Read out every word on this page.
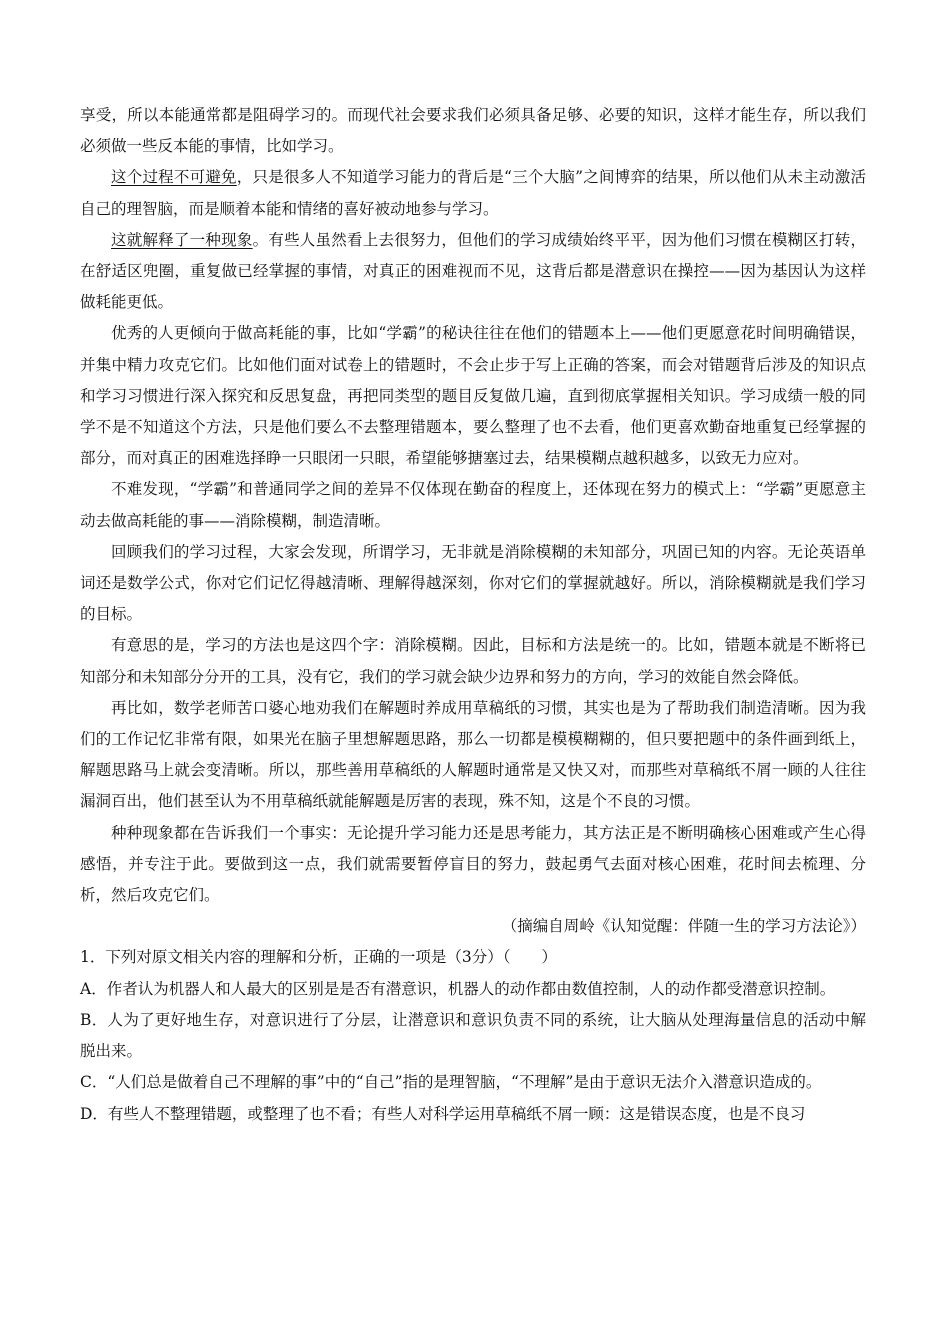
享受，所以本能通常都是阻碍学习的。而现代社会要求我们必须具备足够、必要的知识，这样才能生存，所以我们必须做一些反本能的事情，比如学习。

这个过程不可避免，只是很多人不知道学习能力的背后是“三个大脑”之间博弈的结果，所以他们从未主动激活自己的理智脑，而是顺着本能和情绪的喜好被动地参与学习。

这就解释了一种现象。有些人虽然看上去很努力，但他们的学习成绩始终平平，因为他们习惯在模糊区打转，在舒适区兜圈，重复做已经掌握的事情，对真正的困难视而不见，这背后都是潜意识在操控——因为基因认为这样做耗能更低。

优秀的人更倾向于做高耗能的事，比如“学霸”的秘诀往往在他们的错题本上——他们更愿意花时间明确错误，并集中精力攻克它们。比如他们面对试卷上的错题时，不会止步于写上正确的答案，而会对错题背后涉及的知识点和学习习惯进行深入探究和反思复盘，再把同类型的题目反复做几遍，直到彻底掌握相关知识。学习成绩一般的同学不是不知道这个方法，只是他们要么不去整理错题本，要么整理了也不去看，他们更喜欢勤奋地重复已经掌握的部分，而对真正的困难选择睁一只眼闭一只眼，希望能够搪塞过去，结果模糊点越积越多，以致无力应对。

不难发现，“学霸”和普通同学之间的差异不仅体现在勤奋的程度上，还体现在努力的模式上：“学霸”更愿意主动去做高耗能的事——消除模糊，制造清晰。

回顾我们的学习过程，大家会发现，所谓学习，无非就是消除模糊的未知部分，巩固已知的内容。无论英语单词还是数学公式，你对它们记忆得越清晰、理解得越深刻，你对它们的掌握就越好。所以，消除模糊就是我们学习的目标。

有意思的是，学习的方法也是这四个字：消除模糊。因此，目标和方法是统一的。比如，错题本就是不断将已知部分和未知部分分开的工具，没有它，我们的学习就会缺少边界和努力的方向，学习的效能自然会降低。

再比如，数学老师苦口婆心地劝我们在解题时养成用草稿纸的习惯，其实也是为了帮助我们制造清晰。因为我们的工作记忆非常有限，如果光在脑子里想解题思路，那么一切都是模模糊糊的，但只要把题中的条件画到纸上，解题思路马上就会变清晰。所以，那些善用草稿纸的人解题时通常是又快又对，而那些对草稿纸不屑一顾的人往往漏洞百出，他们甚至认为不用草稿纸就能解题是厉害的表现，殊不知，这是个不良的习惯。

种种现象都在告诉我们一个事实：无论提升学习能力还是思考能力，其方法正是不断明确核心困难或产生心得感悟，并专注于此。要做到这一点，我们就需要暂停盲目的努力，鼓起勇气去面对核心困难，花时间去梳理、分析，然后攻克它们。

（摘编自周岭《认知觉醒：伴随一生的学习方法论》）

1．下列对原文相关内容的理解和分析，正确的一项是（3分）（　　）

A．作者认为机器人和人最大的区别是是否有潜意识，机器人的动作都由数值控制，人的动作都受潜意识控制。

B．人为了更好地生存，对意识进行了分层，让潜意识和意识负责不同的系统，让大脑从处理海量信息的活动中解脱出来。

C．“人们总是做着自己不理解的事”中的“自己”指的是理智脑，“不理解”是由于意识无法介入潜意识造成的。

D．有些人不整理错题，或整理了也不看；有些人对科学运用草稿纸不屑一顾：这是错误态度，也是不良习
